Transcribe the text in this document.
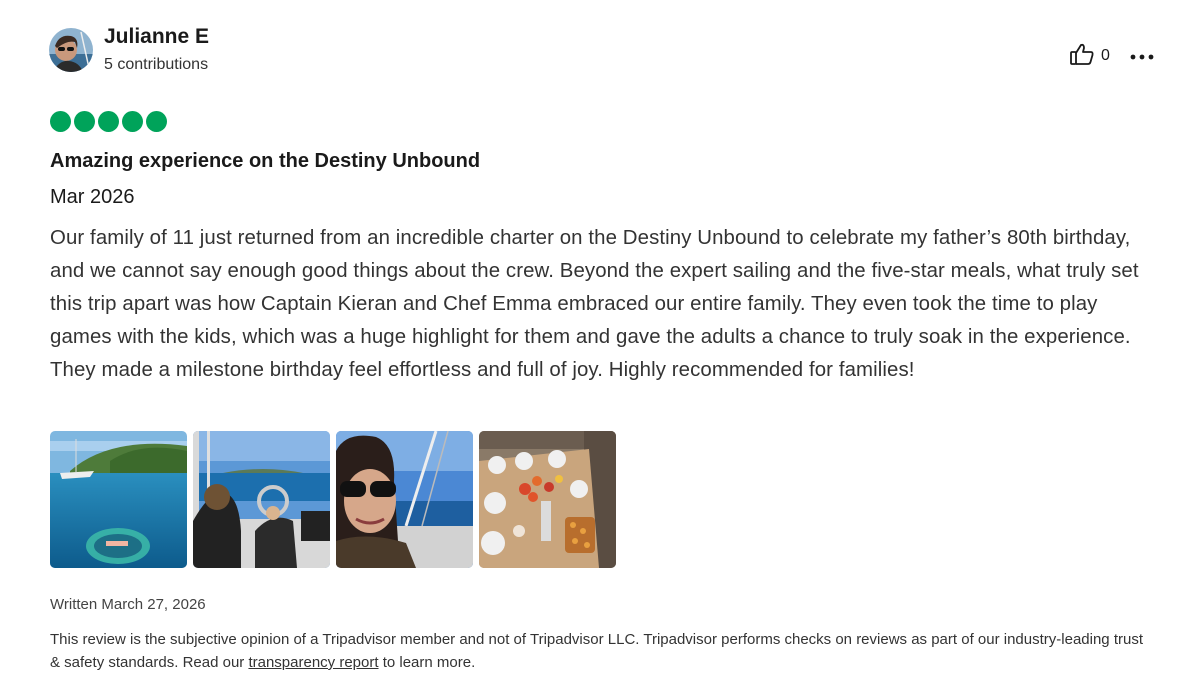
Julianne E
5 contributions
0
Amazing experience on the Destiny Unbound
Mar 2026
Our family of 11 just returned from an incredible charter on the Destiny Unbound to celebrate my father’s 80th birthday, and we cannot say enough good things about the crew. Beyond the expert sailing and the five-star meals, what truly set this trip apart was how Captain Kieran and Chef Emma embraced our entire family. They even took the time to play games with the kids, which was a huge highlight for them and gave the adults a chance to truly soak in the experience. They made a milestone birthday feel effortless and full of joy. Highly recommended for families!
Written March 27, 2026
This review is the subjective opinion of a Tripadvisor member and not of Tripadvisor LLC. Tripadvisor performs checks on reviews as part of our industry-leading trust & safety standards. Read our transparency report to learn more.
